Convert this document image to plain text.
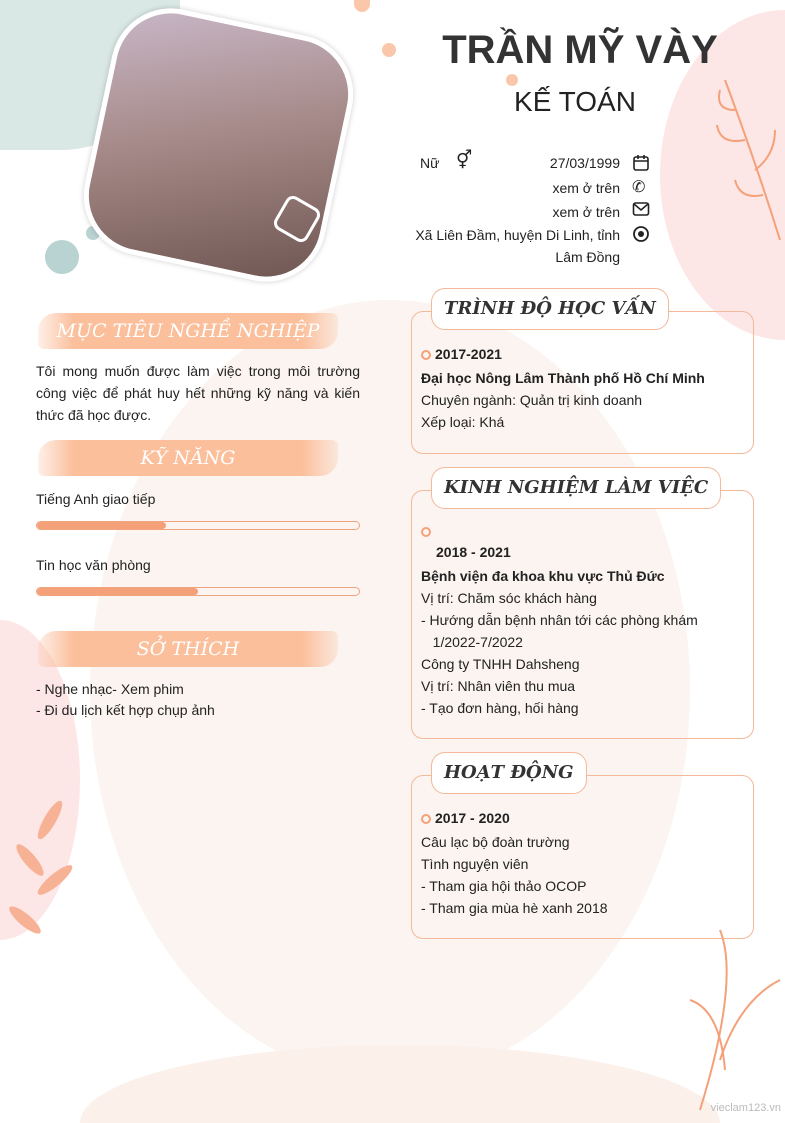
TRẦN MỸ VÀY
KẾ TOÁN
Nữ ⚥	27/03/1999
xem ở trên ✆
xem ở trên
Xã Liên Đầm, huyện Di Linh, tỉnh
Lâm Đồng
MỤC TIÊU NGHỀ NGHIỆP
Tôi mong muốn được làm việc trong môi trường công việc để phát huy hết những kỹ năng và kiến thức đã học được.
KỸ NĂNG
Tiếng Anh giao tiếp
Tin học văn phòng
SỞ THÍCH
- Nghe nhạc- Xem phim
- Đi du lịch kết hợp chụp ảnh
TRÌNH ĐỘ HỌC VẤN
2017-2021
Đại học Nông Lâm Thành phố Hồ Chí Minh
Chuyên ngành: Quản trị kinh doanh
Xếp loại: Khá
KINH NGHIỆM LÀM VIỆC
2018 - 2021
Bệnh viện đa khoa khu vực Thủ Đức
Vị trí: Chăm sóc khách hàng
- Hướng dẫn bệnh nhân tới các phòng khám
1/2022-7/2022
Công ty TNHH Dahsheng
Vị trí: Nhân viên thu mua
- Tạo đơn hàng, hối hàng
HOẠT ĐỘNG
2017 - 2020
Câu lạc bộ đoàn trường
Tình nguyện viên
- Tham gia hội thảo OCOP
- Tham gia mùa hè xanh 2018
vieclam123.vn
